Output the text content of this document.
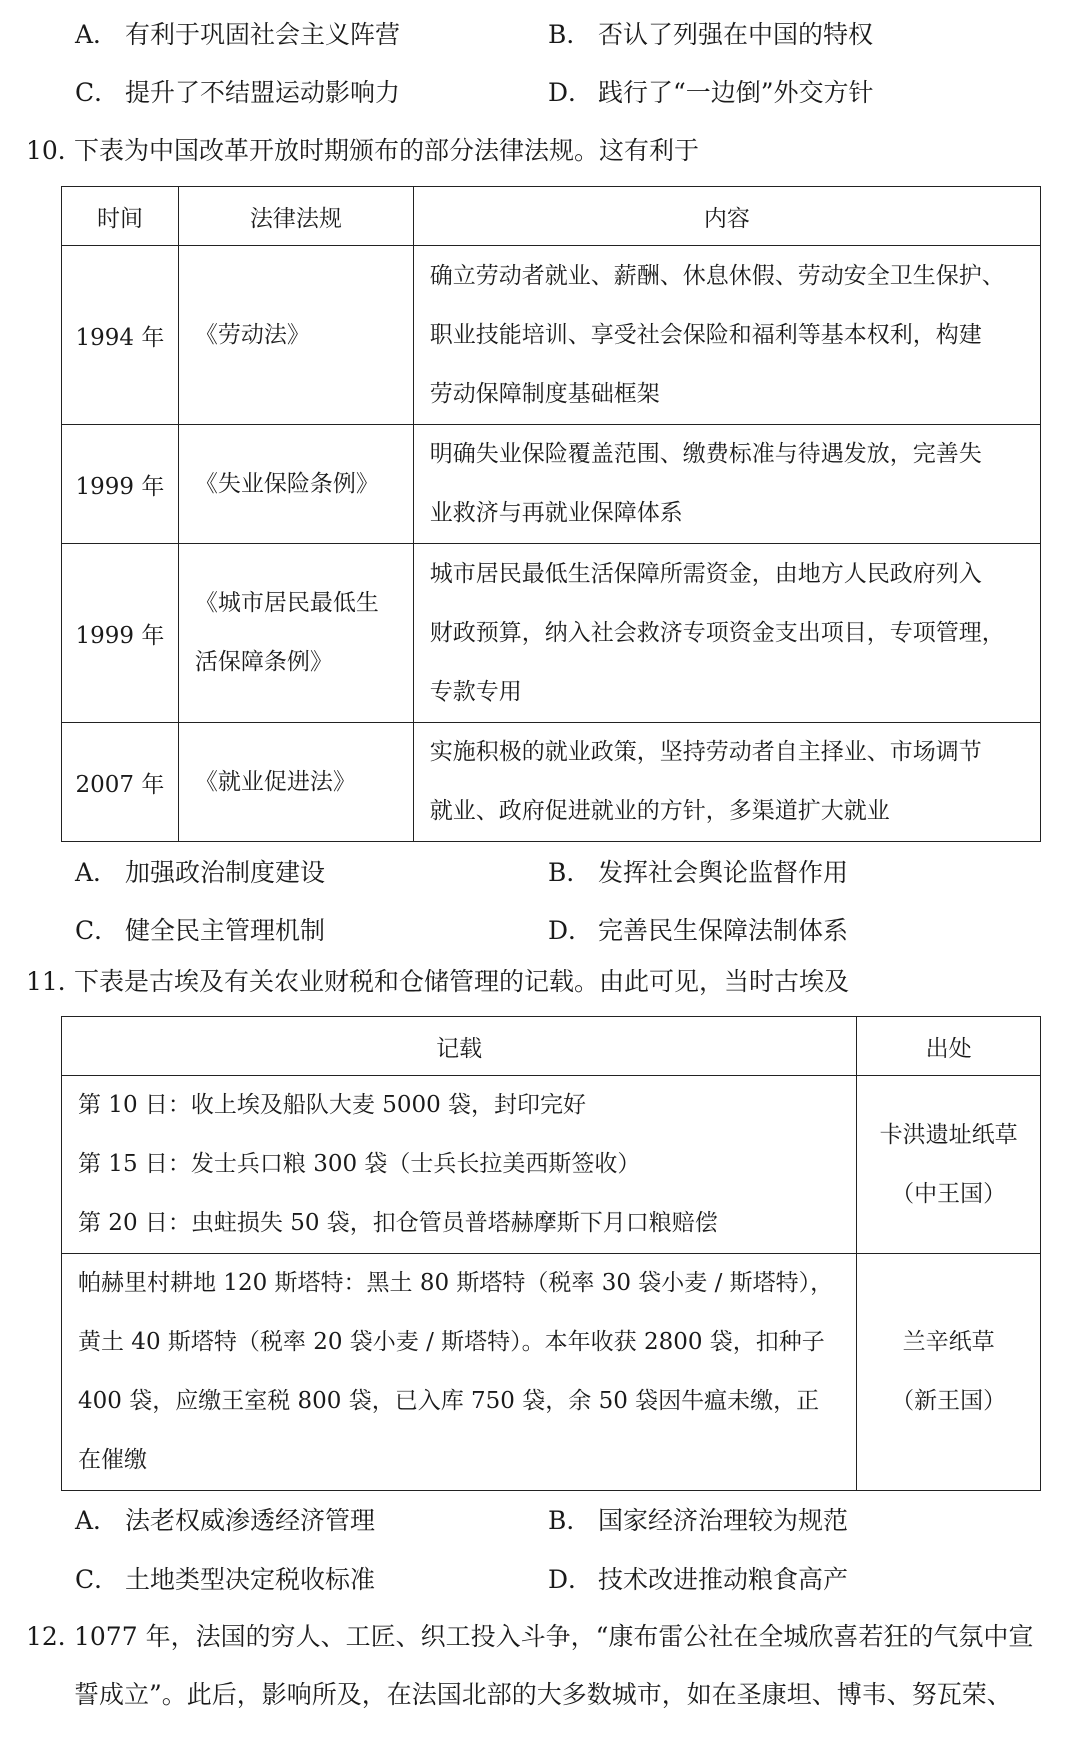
A． 有利于巩固社会主义阵营	B． 否认了列强在中国的特权
C． 提升了不结盟运动影响力	D． 践行了“一边倒”外交方针
10．下表为中国改革开放时期颁布的部分法律法规。这有利于
时间	法律法规	内容
1994 年	《劳动法》	确立劳动者就业、薪酬、休息休假、劳动安全卫生保护、
职业技能培训、享受社会保险和福利等基本权利，构建
劳动保障制度基础框架

1999 年	《失业保险条例》	明确失业保险覆盖范围、缴费标准与待遇发放，完善失
业救济与再就业保障体系

1999 年	《城市居民最低生
活保障条例》	城市居民最低生活保障所需资金，由地方人民政府列入
财政预算，纳入社会救济专项资金支出项目，专项管理，
专款专用

2007 年	《就业促进法》	实施积极的就业政策，坚持劳动者自主择业、市场调节
就业、政府促进就业的方针，多渠道扩大就业
A． 加强政治制度建设	B． 发挥社会舆论监督作用
C． 健全民主管理机制	D． 完善民生保障法制体系
11．下表是古埃及有关农业财税和仓储管理的记载。由此可见，当时古埃及
记载	出处

第 10 日：收上埃及船队大麦 5000 袋，封印完好
第 15 日：发士兵口粮 300 袋（士兵长拉美西斯签收）
第 20 日：虫蛀损失 50 袋，扣仓管员普塔赫摩斯下月口粮赔偿	卡洪遗址纸草
（中王国）

帕赫里村耕地 120 斯塔特：黑土 80 斯塔特（税率 30 袋小麦 / 斯塔特），
黄土 40 斯塔特（税率 20 袋小麦 / 斯塔特）。本年收获 2800 袋，扣种子
400 袋，应缴王室税 800 袋，已入库 750 袋，余 50 袋因牛瘟未缴，正
在催缴	兰辛纸草
（新王国）
A． 法老权威渗透经济管理	B． 国家经济治理较为规范
C． 土地类型决定税收标准	D． 技术改进推动粮食高产
12．1077 年，法国的穷人、工匠、织工投入斗争，“康布雷公社在全城欣喜若狂的气氛中宣
誓成立”。此后，影响所及，在法国北部的大多数城市，如在圣康坦、博韦、努瓦荣、
